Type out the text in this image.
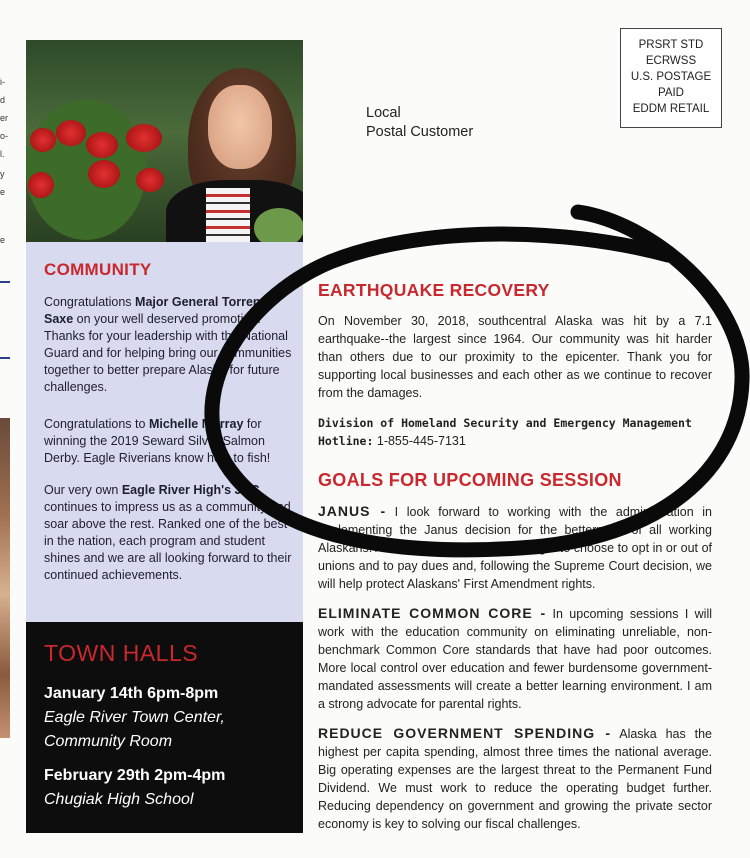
i-
d
er
o-
l.
y
e
e
COMMUNITY

Congratulations Major General Torrence Saxe on your well deserved promotion. Thanks for your leadership with the National Guard and for helping bring our communities together to better prepare Alaska for future challenges.

Congratulations to Michelle Murray for winning the 2019 Seward Silver Salmon Derby. Eagle Riverians know how to fish!

Our very own Eagle River High's JRC continues to impress us as a community and soar above the rest. Ranked one of the best in the nation, each program and student shines and we are all looking forward to their continued achievements.

TOWN HALLS

January 14th 6pm-8pm

Eagle River Town Center,

Community Room

February 29th 2pm-4pm

Chugiak High School

Local
Postal Customer
PRSRT STD
ECRWSS
U.S. POSTAGE
PAID
EDDM RETAIL
EARTHQUAKE RECOVERY

On November 30, 2018, southcentral Alaska was hit by a 7.1 earthquake--the largest since 1964. Our community was hit harder than others due to our proximity to the epicenter. Thank you for supporting local businesses and each other as we continue to recover from the damages.

Division of Homeland Security and Emergency Management
Hotline: 1-855-445-7131

GOALS FOR UPCOMING SESSION

JANUS - I look forward to working with the administration in implementing the Janus decision for the betterment of all working Alaskans. All workers should have the right to choose to opt in or out of unions and to pay dues and, following the Supreme Court decision, we will help protect Alaskans' First Amendment rights.

ELIMINATE COMMON CORE - In upcoming sessions I will work with the education community on eliminating unreliable, non-benchmark Common Core standards that have had poor outcomes. More local control over education and fewer burdensome government-mandated assessments will create a better learning environment. I am a strong advocate for parental rights.

REDUCE GOVERNMENT SPENDING - Alaska has the highest per capita spending, almost three times the national average. Big operating expenses are the largest threat to the Permanent Fund Dividend. We must work to reduce the operating budget further. Reducing dependency on government and growing the private sector economy is key to solving our fiscal challenges.
